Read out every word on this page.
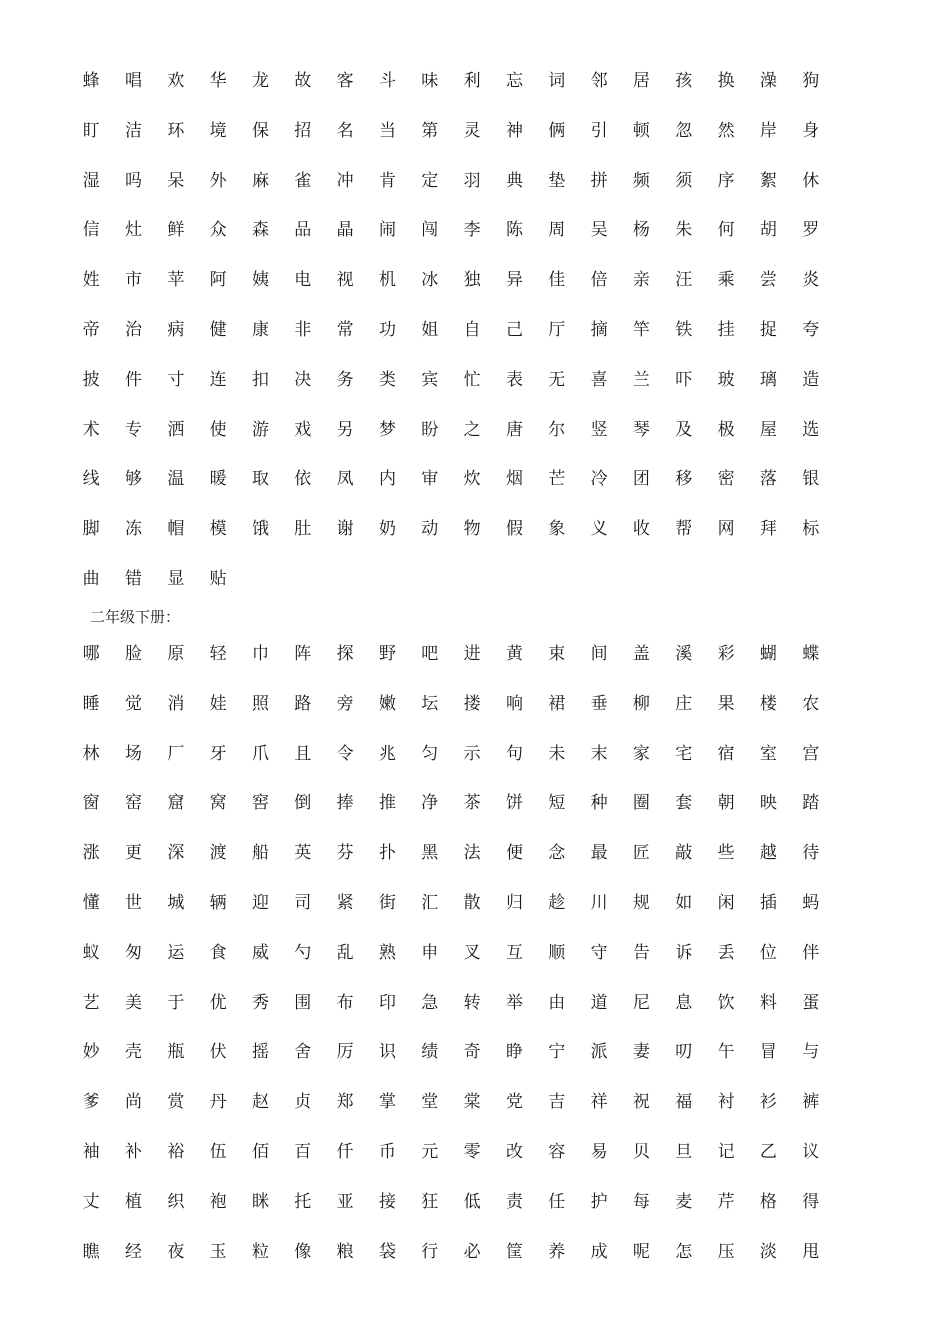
蜂	唱	欢	华	龙	故	客	斗	味	利	忘	词	邻	居	孩	换	澡	狗
盯	洁	环	境	保	招	名	当	第	灵	神	俩	引	顿	忽	然	岸	身
湿	吗	呆	外	麻	雀	冲	肯	定	羽	典	垫	拼	频	须	序	絮	休
信	灶	鲜	众	森	品	晶	闹	闯	李	陈	周	吴	杨	朱	何	胡	罗
姓	市	苹	阿	姨	电	视	机	冰	独	异	佳	倍	亲	汪	乘	尝	炎
帝	治	病	健	康	非	常	功	姐	自	己	厅	摘	竿	铁	挂	捉	夸
披	件	寸	连	扣	决	务	类	宾	忙	表	无	喜	兰	吓	玻	璃	造
术	专	洒	使	游	戏	另	梦	盼	之	唐	尔	竖	琴	及	极	屋	选
线	够	温	暖	取	依	凤	内	审	炊	烟	芒	冷	团	移	密	落	银
脚	冻	帽	模	饿	肚	谢	奶	动	物	假	象	义	收	帮	网	拜	标
曲	错	显	贴
二年级下册：
哪	脸	原	轻	巾	阵	探	野	吧	进	黄	束	间	盖	溪	彩	蝴	蝶
睡	觉	消	娃	照	路	旁	嫩	坛	搂	响	裙	垂	柳	庄	果	楼	农
林	场	厂	牙	爪	且	令	兆	匀	示	句	未	末	家	宅	宿	室	宫
窗	窑	窟	窝	窖	倒	捧	推	净	茶	饼	短	种	圈	套	朝	映	踏
涨	更	深	渡	船	英	芬	扑	黑	法	便	念	最	匠	敲	些	越	待
懂	世	城	辆	迎	司	紧	街	汇	散	归	趁	川	规	如	闲	插	蚂
蚁	匆	运	食	威	勺	乱	熟	申	叉	互	顺	守	告	诉	丢	位	伴
艺	美	于	优	秀	围	布	印	急	转	举	由	道	尼	息	饮	料	蛋
妙	壳	瓶	伏	摇	舍	厉	识	绩	奇	睁	宁	派	妻	叨	午	冒	与
爹	尚	赏	丹	赵	贞	郑	掌	堂	棠	党	吉	祥	祝	福	衬	衫	裤
袖	补	裕	伍	佰	百	仟	币	元	零	改	容	易	贝	旦	记	乙	议
丈	植	织	袍	眯	托	亚	接	狂	低	责	任	护	每	麦	芹	格	得
瞧	经	夜	玉	粒	像	粮	袋	行	必	筐	养	成	呢	怎	压	淡	甩
